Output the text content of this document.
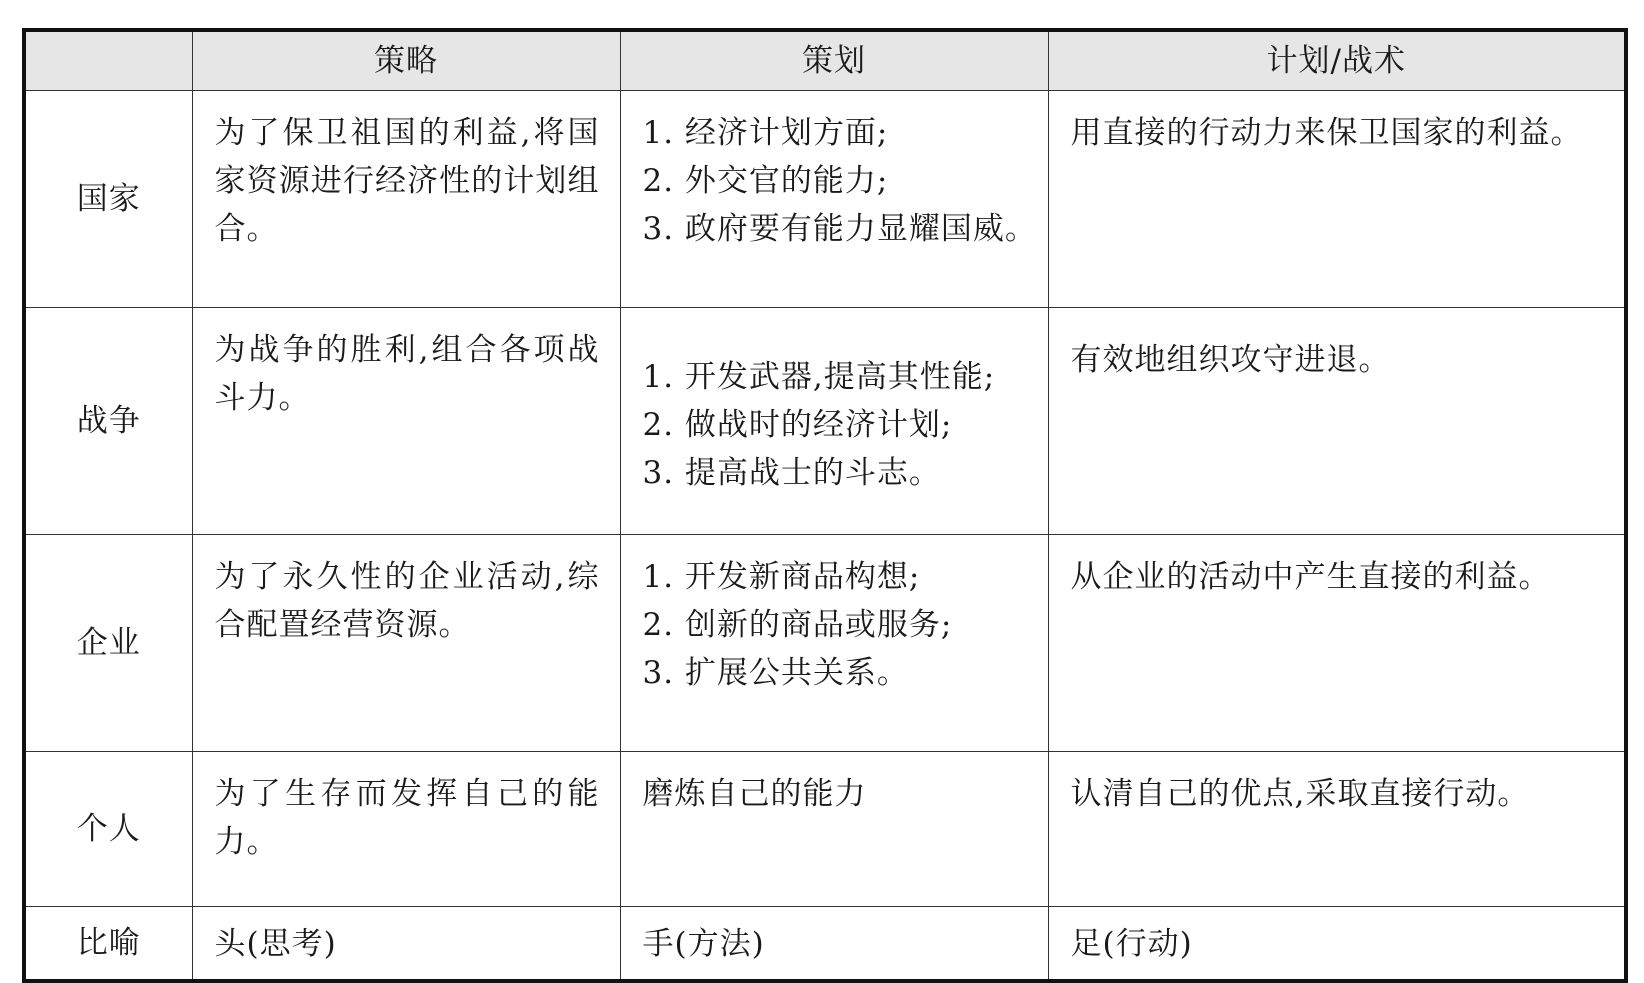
	策略	策划	计划/战术
国家	为了保卫祖国的利益,将国家资源进行经济性的计划组合。	1. 经济计划方面;
2. 外交官的能力;
3. 政府要有能力显耀国威。	用直接的行动力来保卫国家的利益。
战争	为战争的胜利,组合各项战斗力。	1. 开发武器,提高其性能;
2. 做战时的经济计划;
3. 提高战士的斗志。	有效地组织攻守进退。
企业	为了永久性的企业活动,综合配置经营资源。	1. 开发新商品构想;
2. 创新的商品或服务;
3. 扩展公共关系。	从企业的活动中产生直接的利益。
个人	为了生存而发挥自己的能力。	磨炼自己的能力	认清自己的优点,采取直接行动。
比喻	头(思考)	手(方法)	足(行动)
